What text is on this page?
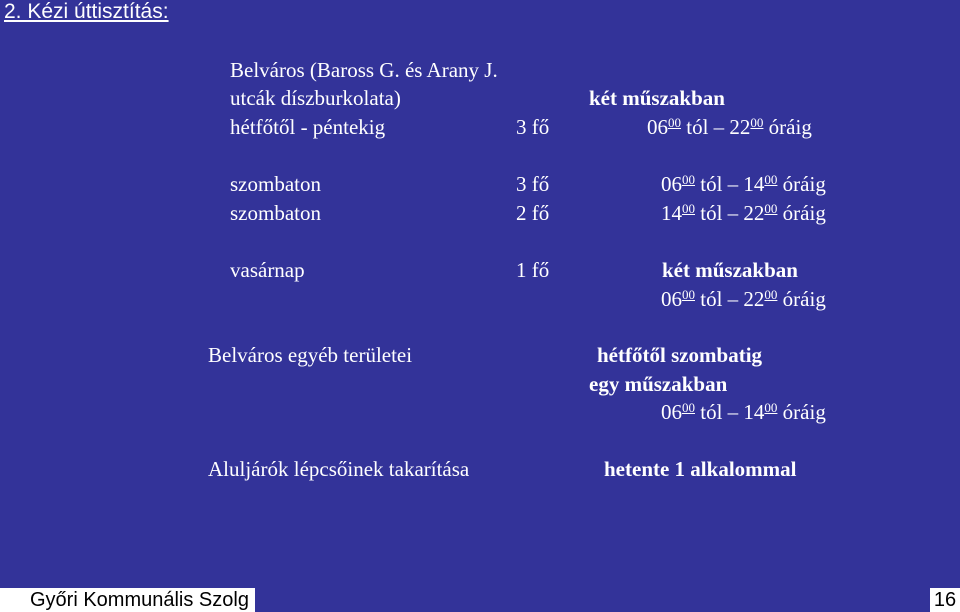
2. Kézi úttisztítás:
Belváros (Baross G. és Arany J.
utcák díszburkolata)	két műszakban
hétfőtől - péntekig	3 fő	$06^{00}$ tól – $22^{00}$ óráig
szombaton	3 fő	$06^{00}$ tól – $14^{00}$ óráig
szombaton	2 fő	$14^{00}$ tól – $22^{00}$ óráig
vasárnap	1 fő	két műszakban
$06^{00}$ tól – $22^{00}$ óráig
Belváros egyéb területei	hétfőtől szombatig
egy műszakban
$06^{00}$ tól – $14^{00}$ óráig
Aluljárók lépcsőinek takarítása	hetente 1 alkalommal
Győri Kommunális Szolg	16
